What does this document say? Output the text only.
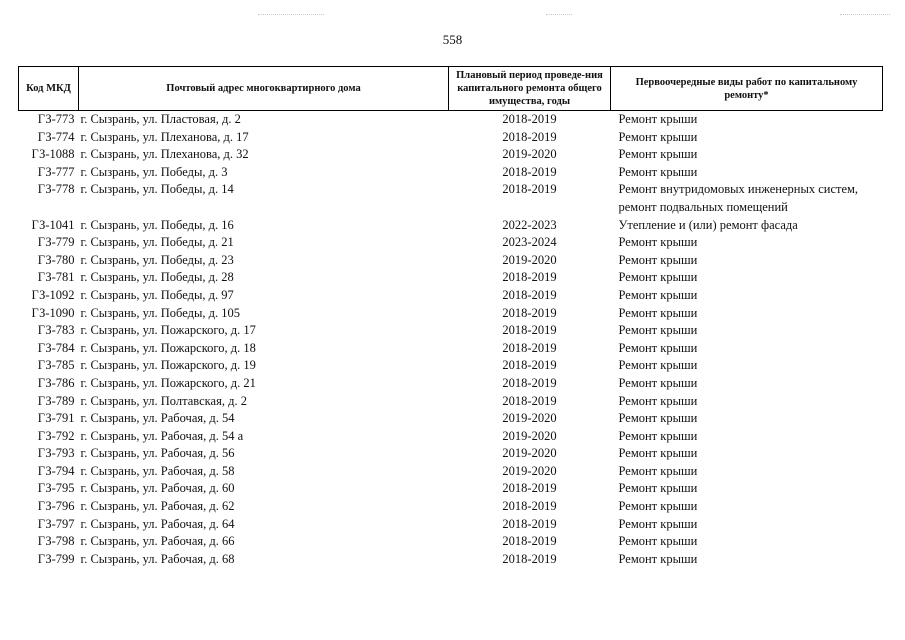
558
Код МКД	Почтовый адрес многоквартирного дома	Плановый период проведе-ния капитального ремонта общего имущества, годы	Первоочередные виды работ по капитальному ремонту*
ГЗ-773	г. Сызрань, ул. Пластовая, д. 2	2018-2019	Ремонт крыши
ГЗ-774	г. Сызрань, ул. Плеханова, д. 17	2018-2019	Ремонт крыши
ГЗ-1088	г. Сызрань, ул. Плеханова, д. 32	2019-2020	Ремонт крыши
ГЗ-777	г. Сызрань, ул. Победы, д. 3	2018-2019	Ремонт крыши
ГЗ-778	г. Сызрань, ул. Победы, д. 14	2018-2019	Ремонт внутридомовых инженерных систем, ремонт подвальных помещений
ГЗ-1041	г. Сызрань, ул. Победы, д. 16	2022-2023	Утепление и (или) ремонт фасада
ГЗ-779	г. Сызрань, ул. Победы, д. 21	2023-2024	Ремонт крыши
ГЗ-780	г. Сызрань, ул. Победы, д. 23	2019-2020	Ремонт крыши
ГЗ-781	г. Сызрань, ул. Победы, д. 28	2018-2019	Ремонт крыши
ГЗ-1092	г. Сызрань, ул. Победы, д. 97	2018-2019	Ремонт крыши
ГЗ-1090	г. Сызрань, ул. Победы, д. 105	2018-2019	Ремонт крыши
ГЗ-783	г. Сызрань, ул. Пожарского, д. 17	2018-2019	Ремонт крыши
ГЗ-784	г. Сызрань, ул. Пожарского, д. 18	2018-2019	Ремонт крыши
ГЗ-785	г. Сызрань, ул. Пожарского, д. 19	2018-2019	Ремонт крыши
ГЗ-786	г. Сызрань, ул. Пожарского, д. 21	2018-2019	Ремонт крыши
ГЗ-789	г. Сызрань, ул. Полтавская, д. 2	2018-2019	Ремонт крыши
ГЗ-791	г. Сызрань, ул. Рабочая, д. 54	2019-2020	Ремонт крыши
ГЗ-792	г. Сызрань, ул. Рабочая, д. 54 а	2019-2020	Ремонт крыши
ГЗ-793	г. Сызрань, ул. Рабочая, д. 56	2019-2020	Ремонт крыши
ГЗ-794	г. Сызрань, ул. Рабочая, д. 58	2019-2020	Ремонт крыши
ГЗ-795	г. Сызрань, ул. Рабочая, д. 60	2018-2019	Ремонт крыши
ГЗ-796	г. Сызрань, ул. Рабочая, д. 62	2018-2019	Ремонт крыши
ГЗ-797	г. Сызрань, ул. Рабочая, д. 64	2018-2019	Ремонт крыши
ГЗ-798	г. Сызрань, ул. Рабочая, д. 66	2018-2019	Ремонт крыши
ГЗ-799	г. Сызрань, ул. Рабочая, д. 68	2018-2019	Ремонт крыши
